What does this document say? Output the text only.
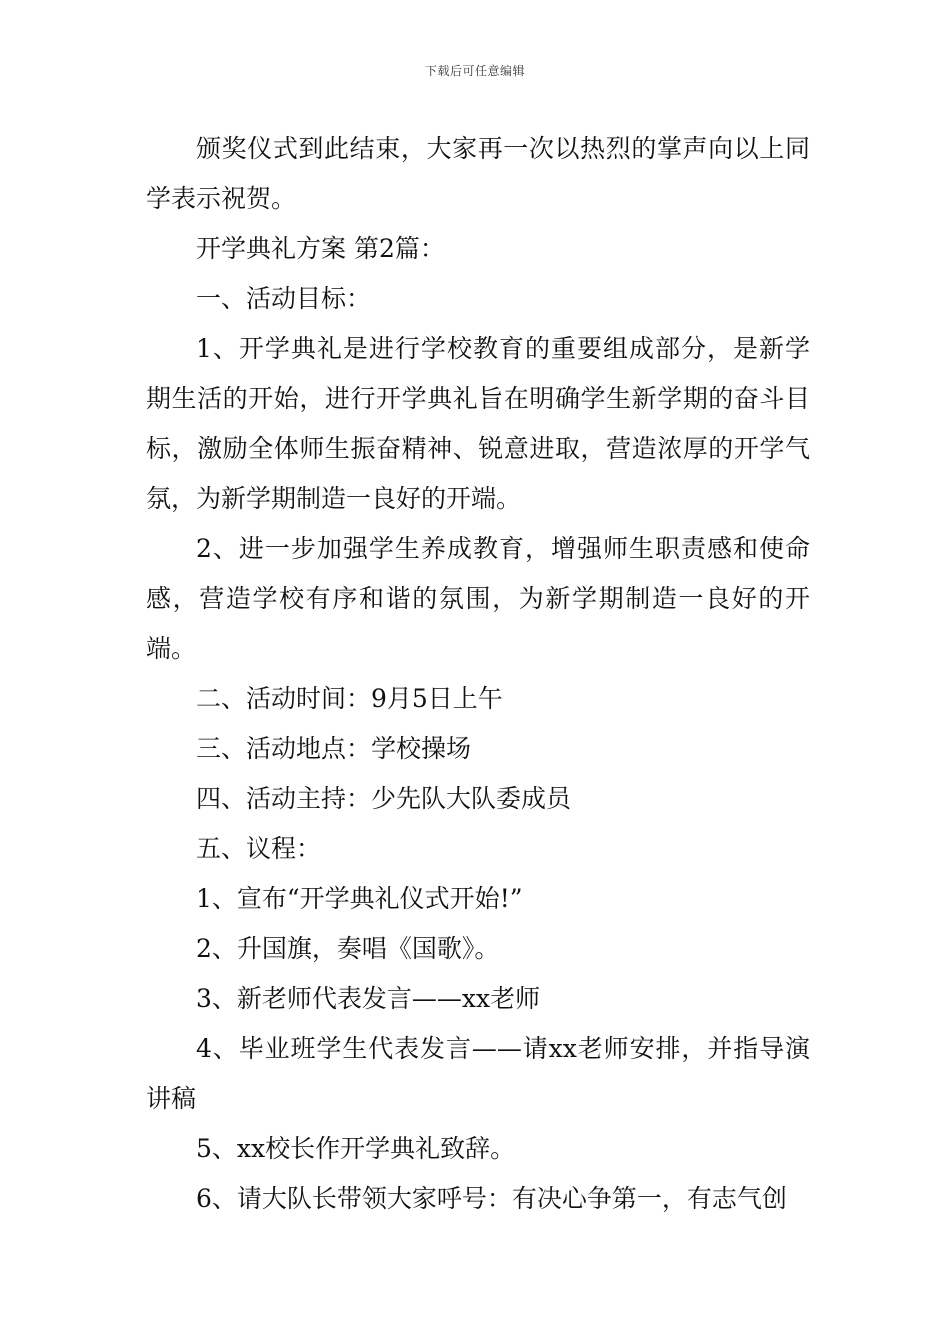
下载后可任意编辑

颁奖仪式到此结束，大家再一次以热烈的掌声向以上同学表示祝贺。

开学典礼方案 第2篇：

一、活动目标：

1、开学典礼是进行学校教育的重要组成部分，是新学期生活的开始，进行开学典礼旨在明确学生新学期的奋斗目标，激励全体师生振奋精神、锐意进取，营造浓厚的开学气氛，为新学期制造一良好的开端。

2、进一步加强学生养成教育，增强师生职责感和使命感，营造学校有序和谐的氛围，为新学期制造一良好的开端。

二、活动时间：9月5日上午

三、活动地点：学校操场

四、活动主持：少先队大队委成员

五、议程：

1、宣布“开学典礼仪式开始!”

2、升国旗，奏唱《国歌》。

3、新老师代表发言——xx老师

4、毕业班学生代表发言——请xx老师安排，并指导演讲稿

5、xx校长作开学典礼致辞。

6、请大队长带领大家呼号：有决心争第一，有志气创
